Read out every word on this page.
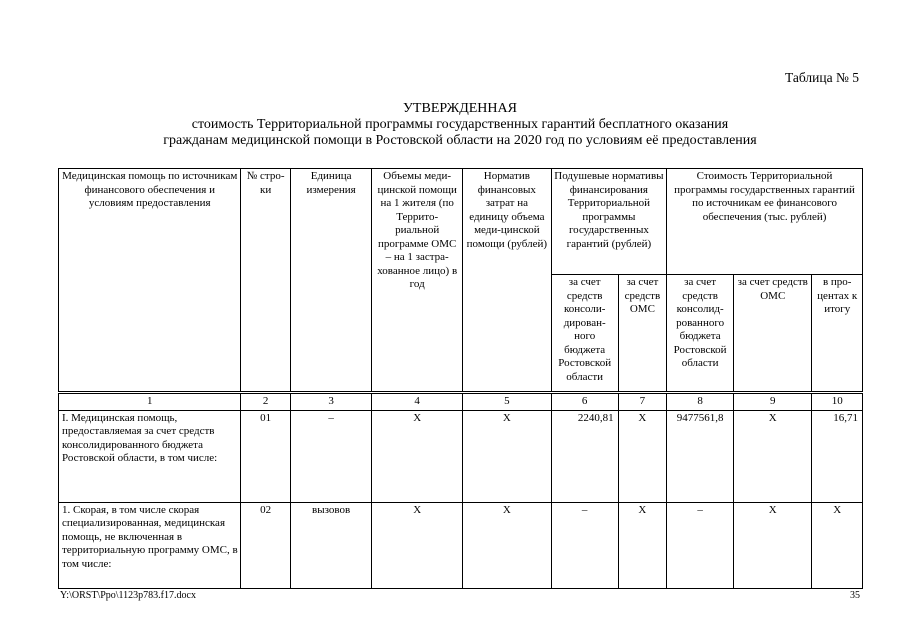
Таблица № 5
УТВЕРЖДЕННАЯ
стоимость Территориальной программы государственных гарантий бесплатного оказания
гражданам медицинской помощи в Ростовской области на 2020 год по условиям её предоставления
Медицинская помощь по источникам финансового обеспечения и условиям предоставления	№ стро-ки	Единица измерения	Объемы меди-цинской помощи на 1 жителя (по Террито-риальной программе ОМС – на 1 застра-хованное лицо) в год	Норматив финансовых затрат на единицу объема меди-цинской помощи (рублей)	Подушевые нормативы финансирования Территориальной программы государственных гарантий (рублей)		Стоимость Территориальной программы государственных гарантий по источникам ее финансового обеспечения (тыс. рублей)		
					за счет средств консоли-дирован-ного бюджета Ростовской области	за счет средств ОМС	за счет средств консолид-рованного бюджета Ростовской области	за счет средств ОМС	в про-центах к итогу
1	2	3	4	5	6	7	8	9	10
I. Медицинская помощь, предоставляемая за счет средств консолидированного бюджета Ростовской области, в том числе:	01	–	Х	Х	2240,81	Х	9477561,8	Х	16,71
1. Скорая, в том числе скорая специализированная, медицинская помощь, не включенная в территориальную программу ОМС, в том числе:	02	вызовов	Х	Х	–	Х	–	Х	Х
Y:\ORST\Ppo\1123p783.f17.docx	35
